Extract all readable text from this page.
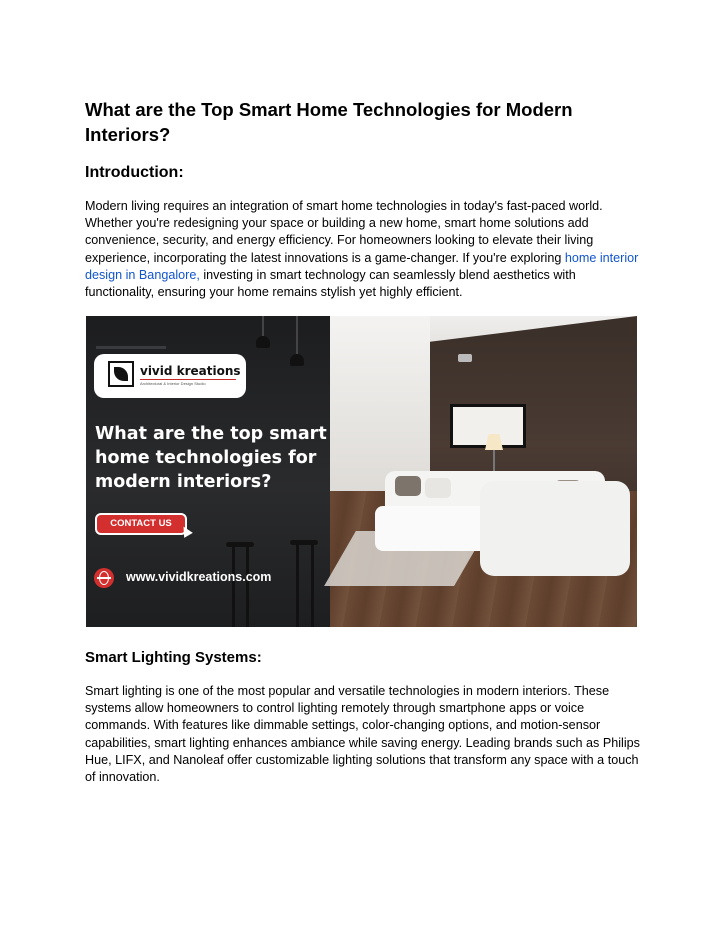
What are the Top Smart Home Technologies for Modern Interiors?
Introduction:

Modern living requires an integration of smart home technologies in today's fast-paced world. Whether you're redesigning your space or building a new home, smart home solutions add convenience, security, and energy efficiency. For homeowners looking to elevate their living experience, incorporating the latest innovations is a game-changer. If you're exploring home interior design in Bangalore, investing in smart technology can seamlessly blend aesthetics with functionality, ensuring your home remains stylish yet highly efficient.

vivid kreations
Architectural & Interior Design Studio
What are the top smart home technologies for modern interiors?
CONTACT US
www.vividkreations.com
Smart Lighting Systems:

Smart lighting is one of the most popular and versatile technologies in modern interiors. These systems allow homeowners to control lighting remotely through smartphone apps or voice commands. With features like dimmable settings, color-changing options, and motion-sensor capabilities, smart lighting enhances ambiance while saving energy. Leading brands such as Philips Hue, LIFX, and Nanoleaf offer customizable lighting solutions that transform any space with a touch of innovation.
